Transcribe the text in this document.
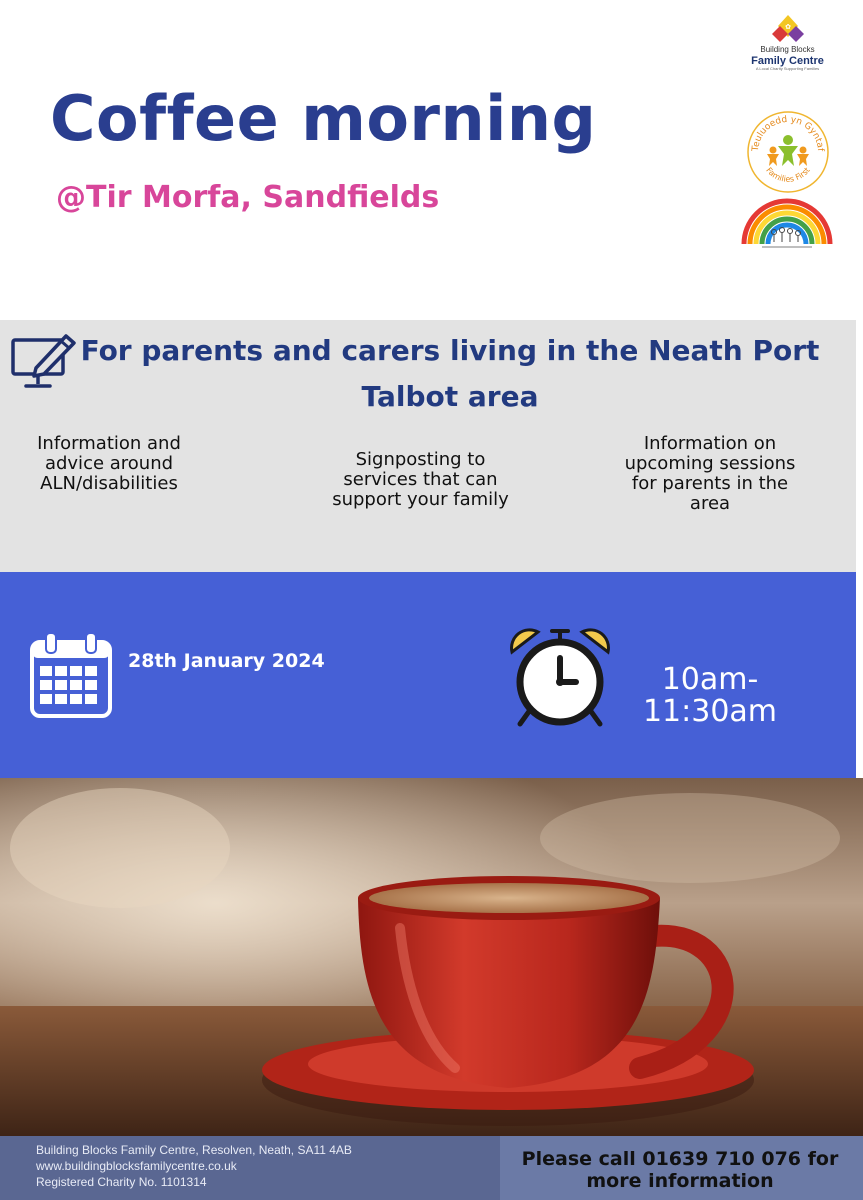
Coffee morning
@Tir Morfa, Sandfields
✿
Building Blocks
Family Centre
A Local Charity Supporting Families
Teuluoedd yn Gyntaf
Families First
For parents and carers living in the Neath Port Talbot area
Information and advice around ALN/disabilities
Signposting to services that can support your family
Information on upcoming sessions for parents in the area
28th January 2024
10am-11:30am
Building Blocks Family Centre, Resolven, Neath, SA11 4AB
www.buildingblocksfamilycentre.co.uk
Registered Charity No. 1101314
Please call 01639 710 076 for more information
